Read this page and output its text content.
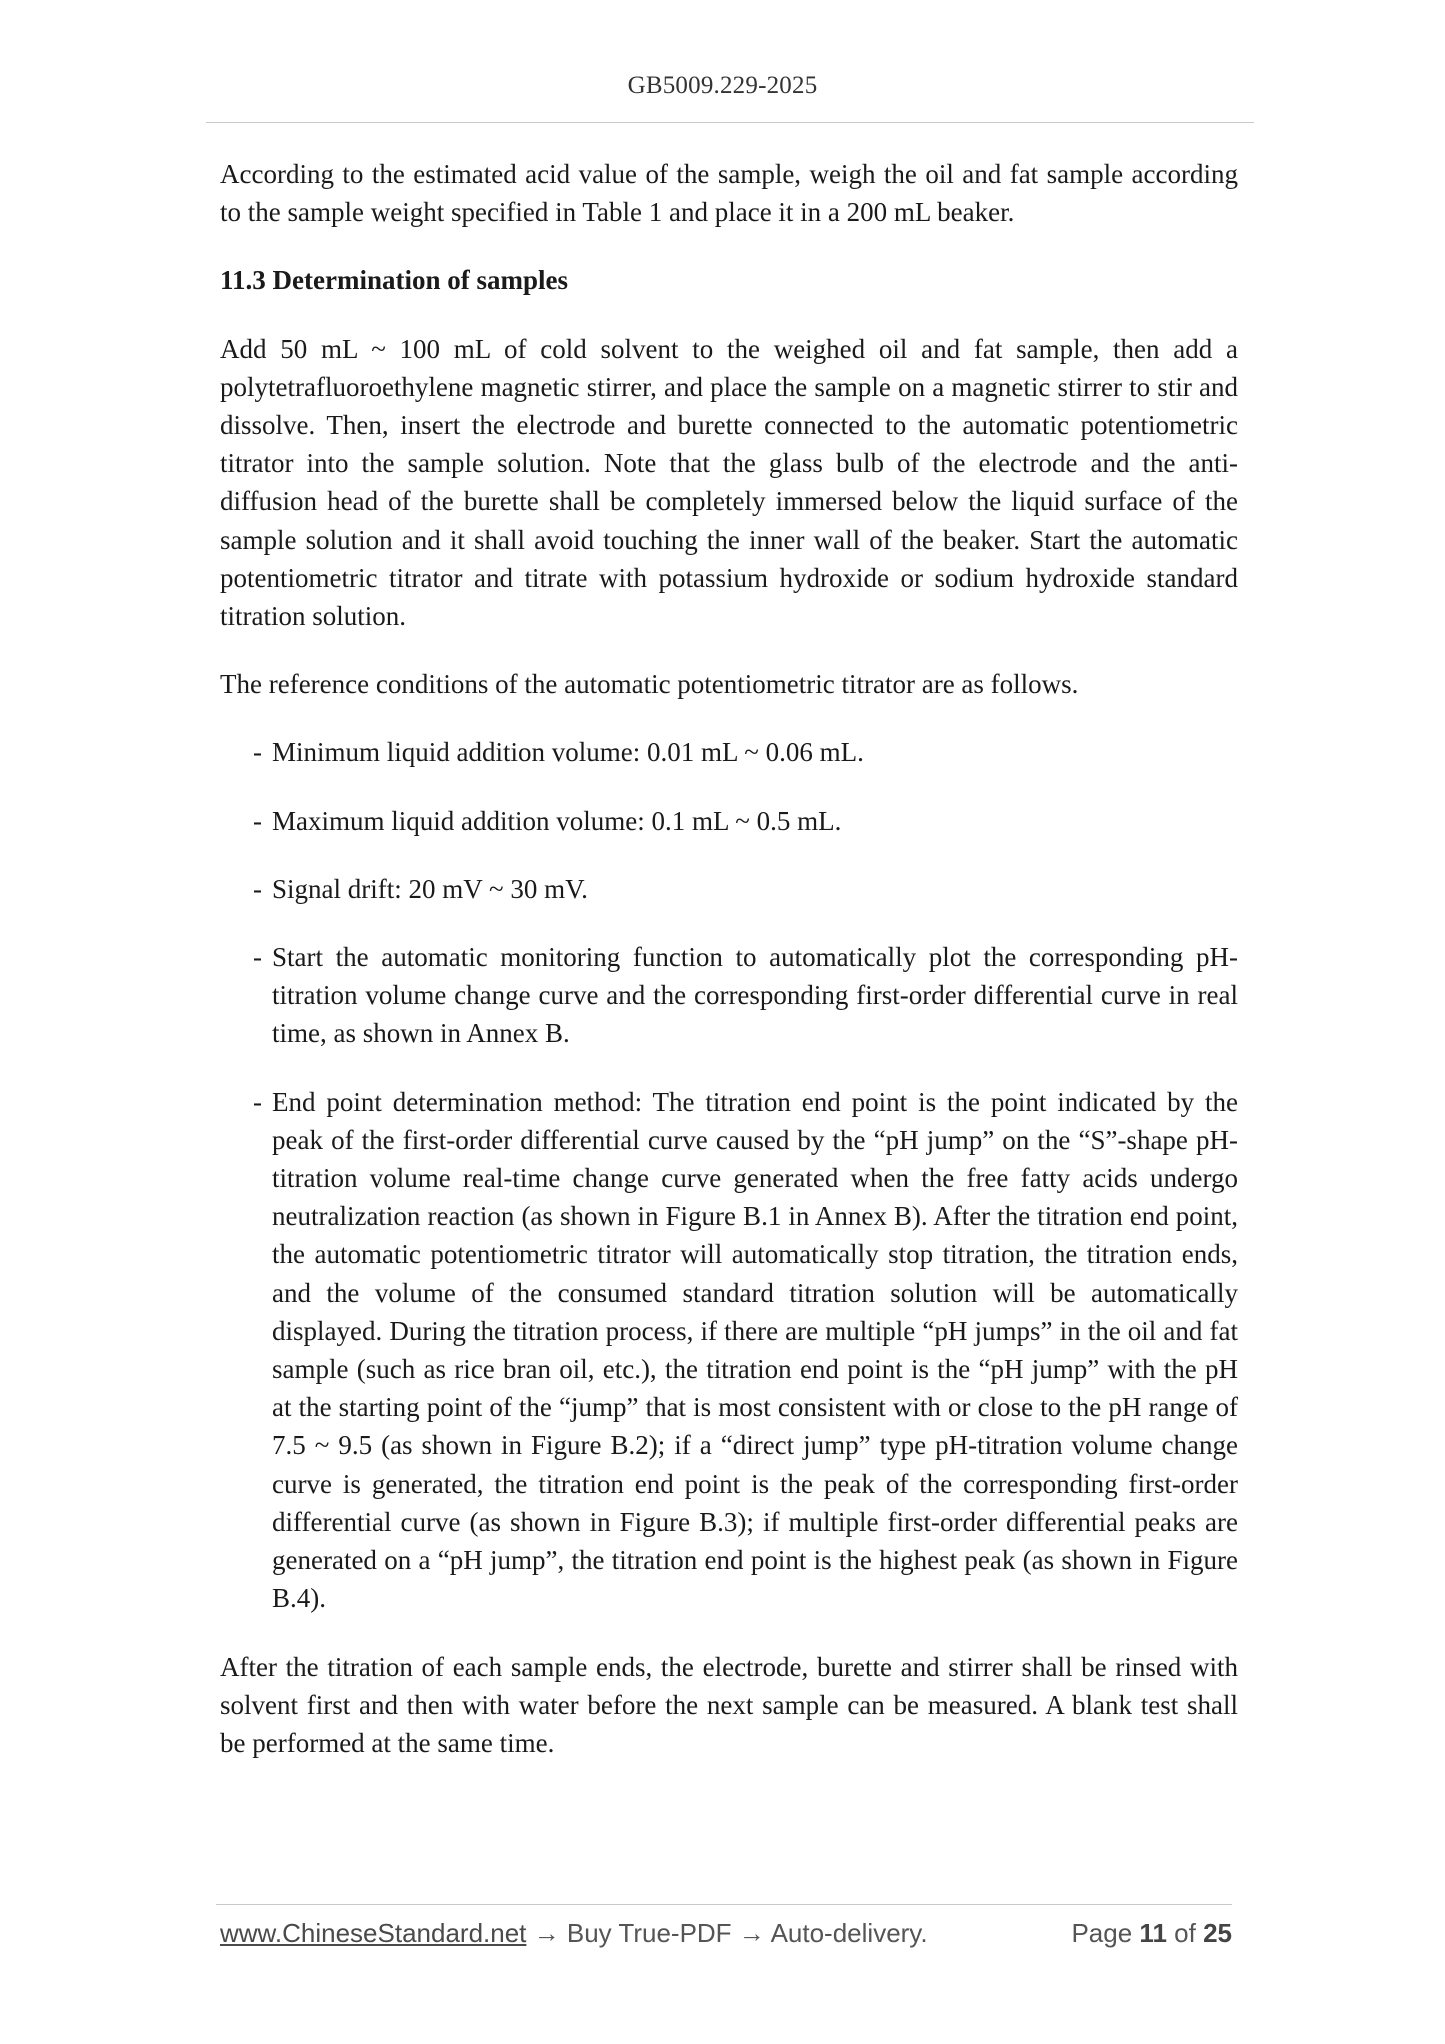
GB5009.229-2025

According to the estimated acid value of the sample, weigh the oil and fat sample according to the sample weight specified in Table 1 and place it in a 200 mL beaker.

11.3 Determination of samples

Add 50 mL ~ 100 mL of cold solvent to the weighed oil and fat sample, then add a polytetrafluoroethylene magnetic stirrer, and place the sample on a magnetic stirrer to stir and dissolve. Then, insert the electrode and burette connected to the automatic potentiometric titrator into the sample solution. Note that the glass bulb of the electrode and the anti-diffusion head of the burette shall be completely immersed below the liquid surface of the sample solution and it shall avoid touching the inner wall of the beaker. Start the automatic potentiometric titrator and titrate with potassium hydroxide or sodium hydroxide standard titration solution.

The reference conditions of the automatic potentiometric titrator are as follows.

- Minimum liquid addition volume: 0.01 mL ~ 0.06 mL.
- Maximum liquid addition volume: 0.1 mL ~ 0.5 mL.
- Signal drift: 20 mV ~ 30 mV.
- Start the automatic monitoring function to automatically plot the corresponding pH-titration volume change curve and the corresponding first-order differential curve in real time, as shown in Annex B.
- End point determination method: The titration end point is the point indicated by the peak of the first-order differential curve caused by the “pH jump” on the “S”-shape pH-titration volume real-time change curve generated when the free fatty acids undergo neutralization reaction (as shown in Figure B.1 in Annex B). After the titration end point, the automatic potentiometric titrator will automatically stop titration, the titration ends, and the volume of the consumed standard titration solution will be automatically displayed. During the titration process, if there are multiple “pH jumps” in the oil and fat sample (such as rice bran oil, etc.), the titration end point is the “pH jump” with the pH at the starting point of the “jump” that is most consistent with or close to the pH range of 7.5 ~ 9.5 (as shown in Figure B.2); if a “direct jump” type pH-titration volume change curve is generated, the titration end point is the peak of the corresponding first-order differential curve (as shown in Figure B.3); if multiple first-order differential peaks are generated on a “pH jump”, the titration end point is the highest peak (as shown in Figure B.4).

After the titration of each sample ends, the electrode, burette and stirrer shall be rinsed with solvent first and then with water before the next sample can be measured. A blank test shall be performed at the same time.

www.ChineseStandard.net → Buy True-PDF → Auto-delivery.	Page 11 of 25
